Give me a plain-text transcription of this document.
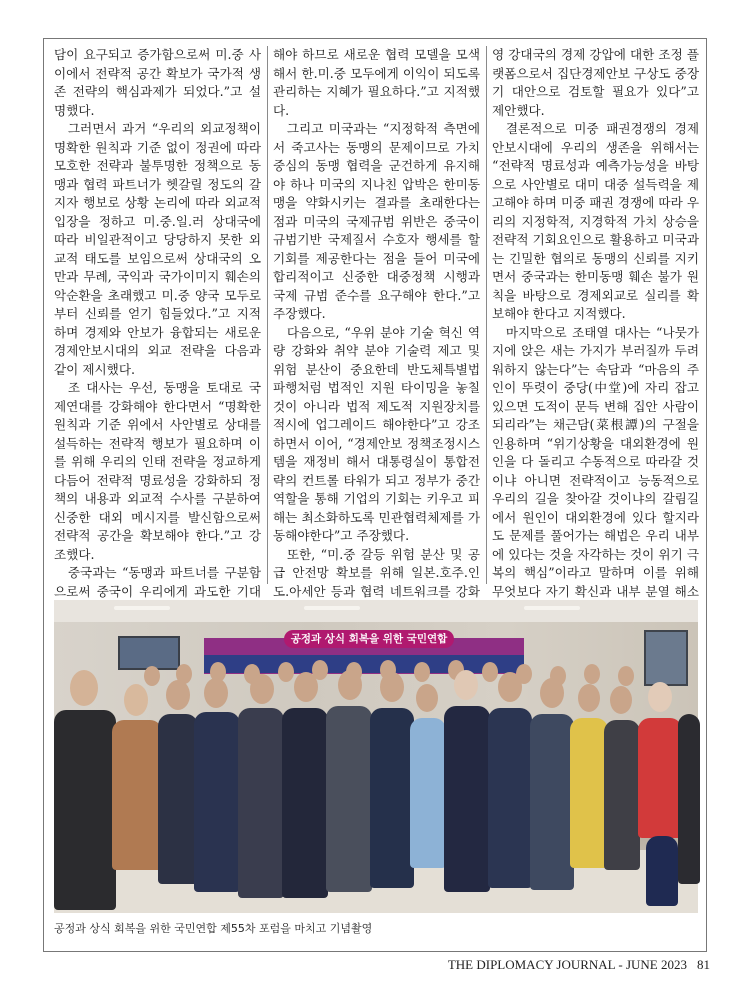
담이 요구되고 증가함으로써 미.중 사이에서 전략적 공간 확보가 국가적 생존 전략의 핵심과제가 되었다.”고 설명했다.

그러면서 과거 “우리의 외교정책이 명확한 원칙과 기준 없이 정권에 따라 모호한 전략과 불투명한 정책으로 동맹과 협력 파트너가 헷갈릴 정도의 갈지자 행보로 상황 논리에 따라 외교적 입장을 정하고 미.중.일.러 상대국에 따라 비일관적이고 당당하지 못한 외교적 태도를 보임으로써 상대국의 오만과 무례, 국익과 국가이미지 훼손의 악순환을 초래했고 미.중 양국 모두로부터 신뢰를 얻기 힘들었다.”고 지적하며 경제와 안보가 융합되는 새로운 경제안보시대의 외교 전략을 다음과 같이 제시했다.

조 대사는 우선, 동맹을 토대로 국제연대를 강화해야 한다면서 “명확한 원칙과 기준 위에서 사안별로 상대를 설득하는 전략적 행보가 필요하며 이를 위해 우리의 인태 전략을 정교하게 다듬어 전략적 명료성을 강화하되 정책의 내용과 외교적 수사를 구분하여 신중한 대외 메시지를 발신함으로써 전략적 공간을 확보해야 한다.”고 강조했다.

중국과는 “동맹과 파트너를 구분함으로써 중국이 우리에게 과도한 기대

해야 하므로 새로운 협력 모델을 모색해서 한.미.중 모두에게 이익이 되도록 관리하는 지혜가 필요하다.”고 지적했다.

그리고 미국과는 “지정학적 측면에서 죽고사는 동맹의 문제이므로 가치중심의 동맹 협력을 군건하게 유지해야 하나 미국의 지나친 압박은 한미동맹을 약화시키는 결과를 초래한다는 점과 미국의 국제규범 위반은 중국이 규범기반 국제질서 수호자 행세를 할 기회를 제공한다는 점을 들어 미국에 합리적이고 신중한 대중정책 시행과 국제 규범 준수를 요구해야 한다.”고 주장했다.

다음으로, “우위 분야 기술 혁신 역량 강화와 취약 분야 기술력 제고 및 위험 분산이 중요한데 반도체특별법 파행처럼 법적인 지원 타이밍을 놓칠 것이 아니라 법적 제도적 지원장치를 적시에 업그레이드 해야한다”고 강조하면서 이어, “경제안보 정책조정시스템을 재정비 해서 대통령실이 통합전략의 컨트롤 타워가 되고 정부가 중간 역할을 통해 기업의 기회는 키우고 피해는 최소화하도록 민관협력체제를 가동해야한다”고 주장했다.

또한, “미.중 갈등 위험 분산 및 공급 안전망 확보를 위해 일본.호주.인도.아세안 등과 협력 네트워크를 강화

영 강대국의 경제 강압에 대한 조정 플랫폼으로서 집단경제안보 구상도 중장기 대안으로 검토할 필요가 있다”고 제안했다.

결론적으로 미중 패권경쟁의 경제안보시대에 우리의 생존을 위해서는 “전략적 명료성과 예측가능성을 바탕으로 사안별로 대미 대중 설득력을 제고해야 하며 미중 패권 경쟁에 따라 우리의 지정학적, 지경학적 가치 상승을 전략적 기회요인으로 활용하고 미국과는 긴밀한 협의로 동맹의 신뢰를 지키면서 중국과는 한미동맹 훼손 불가 원칙을 바탕으로 경제외교로 실리를 확보해야 한다고 지적했다.

마지막으로 조태열 대사는 “나뭇가지에 앉은 새는 가지가 부러질까 두려워하지 않는다”는 속담과 “마음의 주인이 뚜렷이 중당(中堂)에 자리 잡고 있으면 도적이 문득 변해 집안 사람이 되리라”는 채근담(菜根譚)의 구절을 인용하며 “위기상황을 대외환경에 원인을 다 돌리고 수동적으로 따라갈 것이냐 아니면 전략적이고 능동적으로 우리의 길을 찾아갈 것이냐의 갈림길에서 원인이 대외환경에 있다 할지라도 문제를 풀어가는 해법은 우리 내부에 있다는 것을 자각하는 것이 위기 극복의 핵심”이라고 말하며 이를 위해 무엇보다 자기 확신과 내부 분열 해소

공정과 상식 회복을 위한 국민연합
공정과 상식 회복을 위한 국민연합 제55차 포럼을 마치고 기념촬영
THE DIPLOMACY JOURNAL - JUNE 2023 81
